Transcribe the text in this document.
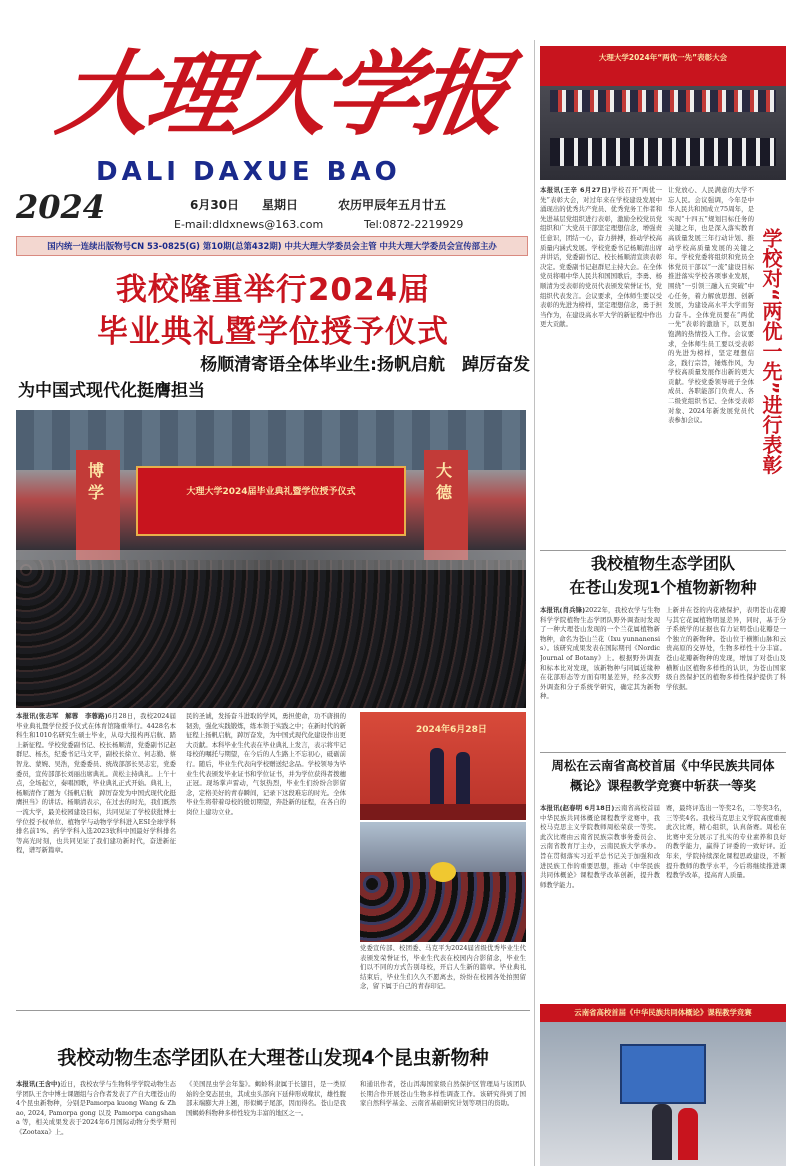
大理大学报
DALI DAXUE BAO
2024	6月30日 星期日	农历甲辰年五月廿五
E-mail:dldxnews@163.com	Tel:0872-2219929
国内统一连续出版物号CN 53-0825(G) 第10期(总第432期) 中共大理大学委员会主管 中共大理大学委员会宣传部主办
我校隆重举行2024届
毕业典礼暨学位授予仪式
杨顺清寄语全体毕业生:扬帆启航　踔厉奋发
为中国式现代化挺膺担当
大理大学2024届毕业典礼暨学位授予仪式
博学
大德
本报讯(张志军　解蓉　李蓉路)6月28日，我校2024届毕业典礼暨学位授予仪式在体育馆隆重举行。4428名本科生和1010名研究生硕士毕业，从母大报构再启航、踏上新征程。学校党委副书记、校长杨顺清，党委副书记赵群尼、杨杰，纪委书记马文平，副校长徐立、何志勤、蔡智龙、蒙婉、吴浩，党委委员、统战部部长吴志宏，党委委员，宣传部部长刘丽出席典礼。黄松主持典礼。上午十点，全场起立，奏唱国歌，毕业典礼正式开始。典礼上，杨顺清作了题为《扬帆启航　踔厉奋发为中国式现代化挺膺担当》的讲话。杨顺清表示，在过去的时光，我们既然一流大学，最美校园建设目标，共同见证了学校获批博士学位授予权单位、植物学与动物学学科进入ESI全球学科排名前1%、药学学科入选2023软科中国最好学科排名等高光时刻，也共同见证了我们建功新时代，奋进新征程，谱写新篇章。
民的圣诚，发扬奋斗进取的学风，勇担使命，功不唐捐的韧劲，强化实践锻炼，练本领于实践之中；在新时代的新征程上扬帆启航，踔厉奋发，为中国式现代化建设作出更大贡献。本科毕业生代表在毕业典礼上发言，表示将牢记母校的嘱托与期望，在今后的人生路上不忘初心，砥砺前行。随后，毕业生代表向学校赠送纪念品。学校领导为毕业生代表颁发毕业证书和学位证书，并为学位获得者拨穗正冠。现场掌声雷动，气氛热烈，毕业生们纷纷合影留念，定格美好的青春瞬间，记录下这段难忘的时光。全体毕业生将带着母校的殷切期望，奔赴新的征程，在各自的岗位上建功立业。
2024年6月28日
党委宣传部、校团委、马克平为2024届省级优秀毕业生代表颁发荣誉证书，毕业生代表在校园内合影留念，毕业生们以不同的方式告别母校，开启人生新的篇章。毕业典礼结束后，毕业生们久久不愿离去，纷纷在校园各处拍照留念，留下属于自己的青春印记。
大理大学2024年“两优一先”表彰大会
本报讯(王辛 6月27日)学校召开“两优一先”表彰大会，对过年来在学校建设发展中涌现出的优秀共产党员、优秀党务工作者和先进基层党组织进行表彰，激励全校党员党组织和广大党员干部坚定理想信念，增强责任意识，团结一心，奋力拼搏，推动学校高质量内涵式发展。学校党委书记杨顺清出席并讲话，党委副书记、校长杨顺清宣读表彰决定。党委副书记赵群尼主持大会。在全体党员将唱中华人民共和国国歌后，李勇、杨顺清为受表彰的党员代表颁发荣誉证书，党组织代表发言。会议要求，全体师生要以受表彰的先进为榜样，坚定理想信念，勇于担当作为，在建设高水平大学的新征程中作出更大贡献。
让党放心、人民满意的大学不忘人民。会议强调，今年是中华人民共和国成立75周年，是实现“十四五”规划目标任务的关键之年，也是深入落实教育高质量发展三年行动计划、推动学校高质量发展的关键之年。学校党委将组织和党员全体党员干部以“一流”建设目标推进落实学校各项事业发展，围绕“一引领三融入五突破”中心任务，着力解放思想、创新发展，为建设高水平大学而努力奋斗。全体党员要在“两优一先”表彰的激励下，以更加饱满的热情投入工作。会议要求，全体师生员工要以受表彰的先进为榜样，坚定理想信念，践行宗旨，锤炼作风，为学校高质量发展作出新的更大贡献。学校党委领导班子全体成员、各职能部门负责人、各二级党组织书记、全体受表彰对象、2024年新发展党员代表参加会议。	学校对“两优一先”进行表彰
我校植物生态学团队
在苍山发现1个植物新物种
本报讯(肖兵锋)2022年，我校农学与生物科学学院植物生态学团队野外调查时发现了一种大理苍山发现的一个兰花属植物新物种，命名为苍山兰花（Ixu yunnanensis）。该研究成果发表在国际期刊《Nordic Journal of Botany》上。根据野外调查和标本比对发现，该新物种与同属近缘种在花部形态等方面有明显差异，经多次野外调查和分子系统学研究，确定其为新物种。
上新并在苍的内花裱保护，表明苍山花瓣与其它花属植物明显差异，同时，基于分子系统学的证据也有力证明苍山花瓣是一个独立的新物种。苍山位于横断山脉和云贵高原的交界处，生物多样性十分丰富。苍山花瓣新物种的发现，增加了对苍山及横断山区植物多样性的认识，为苍山国家级自然保护区的植物多样性保护提供了科学依据。
周松在云南省高校首届《中华民族共同体
概论》课程教学竞赛中斩获一等奖
本报讯(赵春明 6月18日)云南省高校首届中华民族共同体概论课程教学竞赛中，我校马克思主义学院教师周松荣获一等奖。此次比赛由云南省民族宗教事务委员会、云南省教育厅主办，云南民族大学承办。旨在贯彻落实习近平总书记关于加强和改进民族工作的重要思想，推动《中华民族共同体概论》课程教学改革创新，提升教师教学能力。
赛，最终评选出一等奖2名，二等奖3名，三等奖4名。我校马克思主义学院高度重视此次比赛，精心组织，认真备赛。周松在比赛中充分展示了扎实的专业素养和良好的教学能力，赢得了评委的一致好评。近年来，学院持续深化课程思政建设，不断提升教师的教学水平，今后将继续推进课程教学改革，提高育人质量。
云南省高校首届《中华民族共同体概论》课程教学竞赛
我校动物生态学团队在大理苍山发现4个昆虫新物种
本报讯(王含中)近日，我校农学与生物科学学院动物生态学团队王含中博士课题组与合作者发表了产自大理苍山的4个昆虫新物种，分别是Pamorpa kuong Wang & Zhao, 2024, Pamorpa gong 以及 Pamorpa cangshana 等，相关成果发表于2024年6月国际动物分类学期刊《Zootaxa》上。
《美国昆虫学会年鉴》。蝎蛉科隶属于长翅目，是一类原始的全变态昆虫，其成虫头部向下延伸形成喙状，雄性腹部末端膨大并上翘，形似蝎子尾部，因而得名。苍山是我国蝎蛉科物种多样性较为丰富的地区之一。
和通讯作者，苍山洱海国家级自然保护区管理局与该团队长期合作开展苍山生物多样性调查工作。该研究得到了国家自然科学基金、云南省基础研究计划等项目的资助。
